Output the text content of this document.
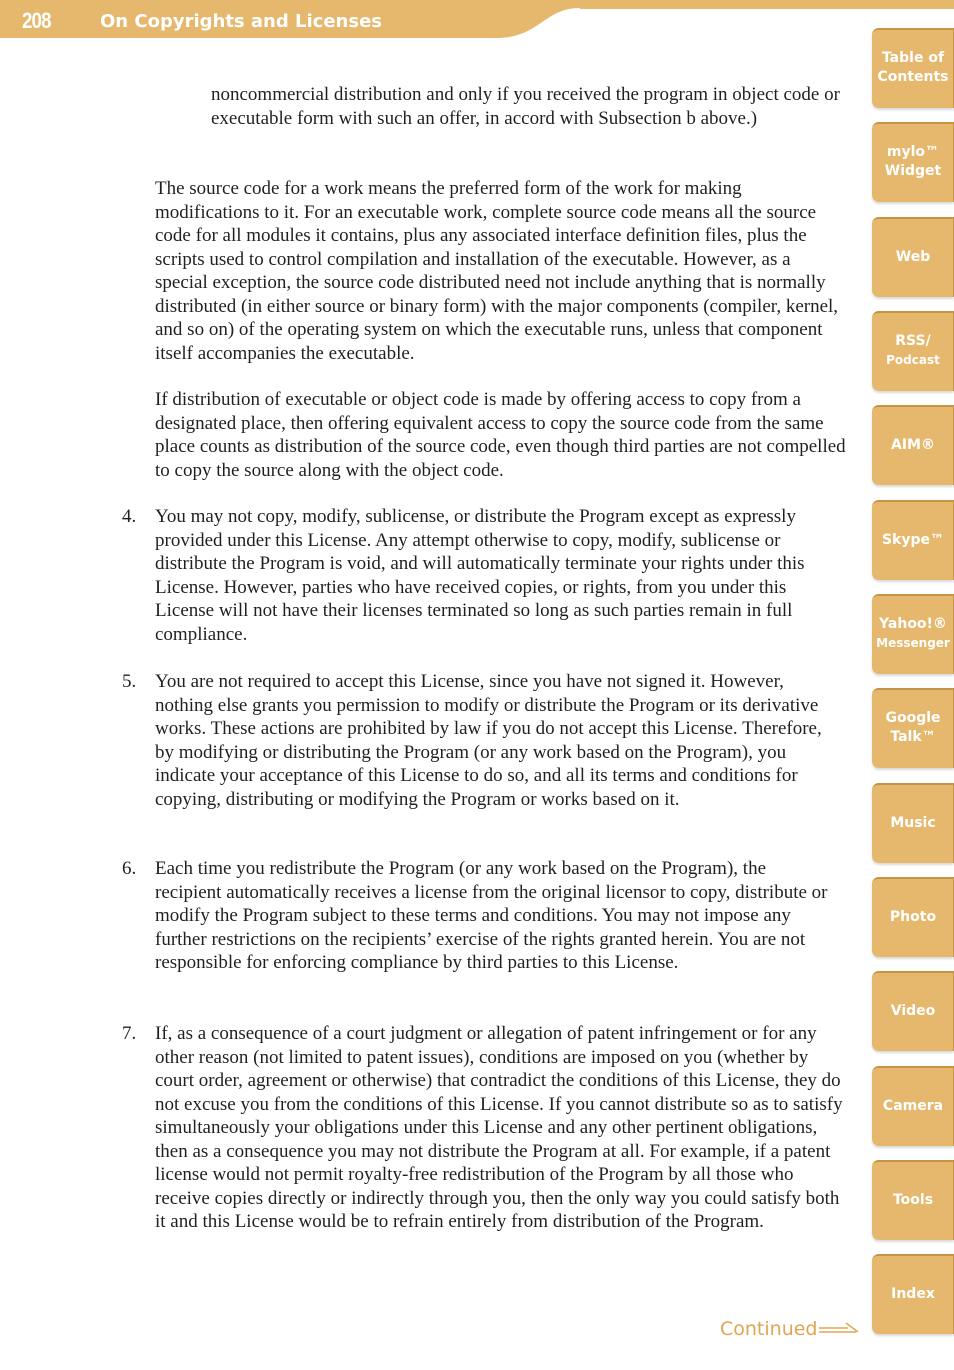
208	On Copyrights and Licenses

noncommercial distribution and only if you received the program in object code or executable form with such an offer, in accord with Subsection b above.)

The source code for a work means the preferred form of the work for making modifications to it. For an executable work, complete source code means all the source code for all modules it contains, plus any associated interface definition files, plus the scripts used to control compilation and installation of the executable. However, as a special exception, the source code distributed need not include anything that is normally distributed (in either source or binary form) with the major components (compiler, kernel, and so on) of the operating system on which the executable runs, unless that component itself accompanies the executable.

If distribution of executable or object code is made by offering access to copy from a designated place, then offering equivalent access to copy the source code from the same place counts as distribution of the source code, even though third parties are not compelled to copy the source along with the object code.

4. You may not copy, modify, sublicense, or distribute the Program except as expressly provided under this License. Any attempt otherwise to copy, modify, sublicense or distribute the Program is void, and will automatically terminate your rights under this License. However, parties who have received copies, or rights, from you under this License will not have their licenses terminated so long as such parties remain in full compliance.

5. You are not required to accept this License, since you have not signed it. However, nothing else grants you permission to modify or distribute the Program or its derivative works. These actions are prohibited by law if you do not accept this License. Therefore, by modifying or distributing the Program (or any work based on the Program), you indicate your acceptance of this License to do so, and all its terms and conditions for copying, distributing or modifying the Program or works based on it.

6. Each time you redistribute the Program (or any work based on the Program), the recipient automatically receives a license from the original licensor to copy, distribute or modify the Program subject to these terms and conditions. You may not impose any further restrictions on the recipients’ exercise of the rights granted herein. You are not responsible for enforcing compliance by third parties to this License.

7. If, as a consequence of a court judgment or allegation of patent infringement or for any other reason (not limited to patent issues), conditions are imposed on you (whether by court order, agreement or otherwise) that contradict the conditions of this License, they do not excuse you from the conditions of this License. If you cannot distribute so as to satisfy simultaneously your obligations under this License and any other pertinent obligations, then as a consequence you may not distribute the Program at all. For example, if a patent license would not permit royalty-free redistribution of the Program by all those who receive copies directly or indirectly through you, then the only way you could satisfy both it and this License would be to refrain entirely from distribution of the Program.

Table of
Contents
mylo™
Widget
Web
RSS/
Podcast
AIM®
Skype™
Yahoo!®
Messenger
Google
Talk™
Music
Photo
Video
Camera
Tools
Index
Continued
